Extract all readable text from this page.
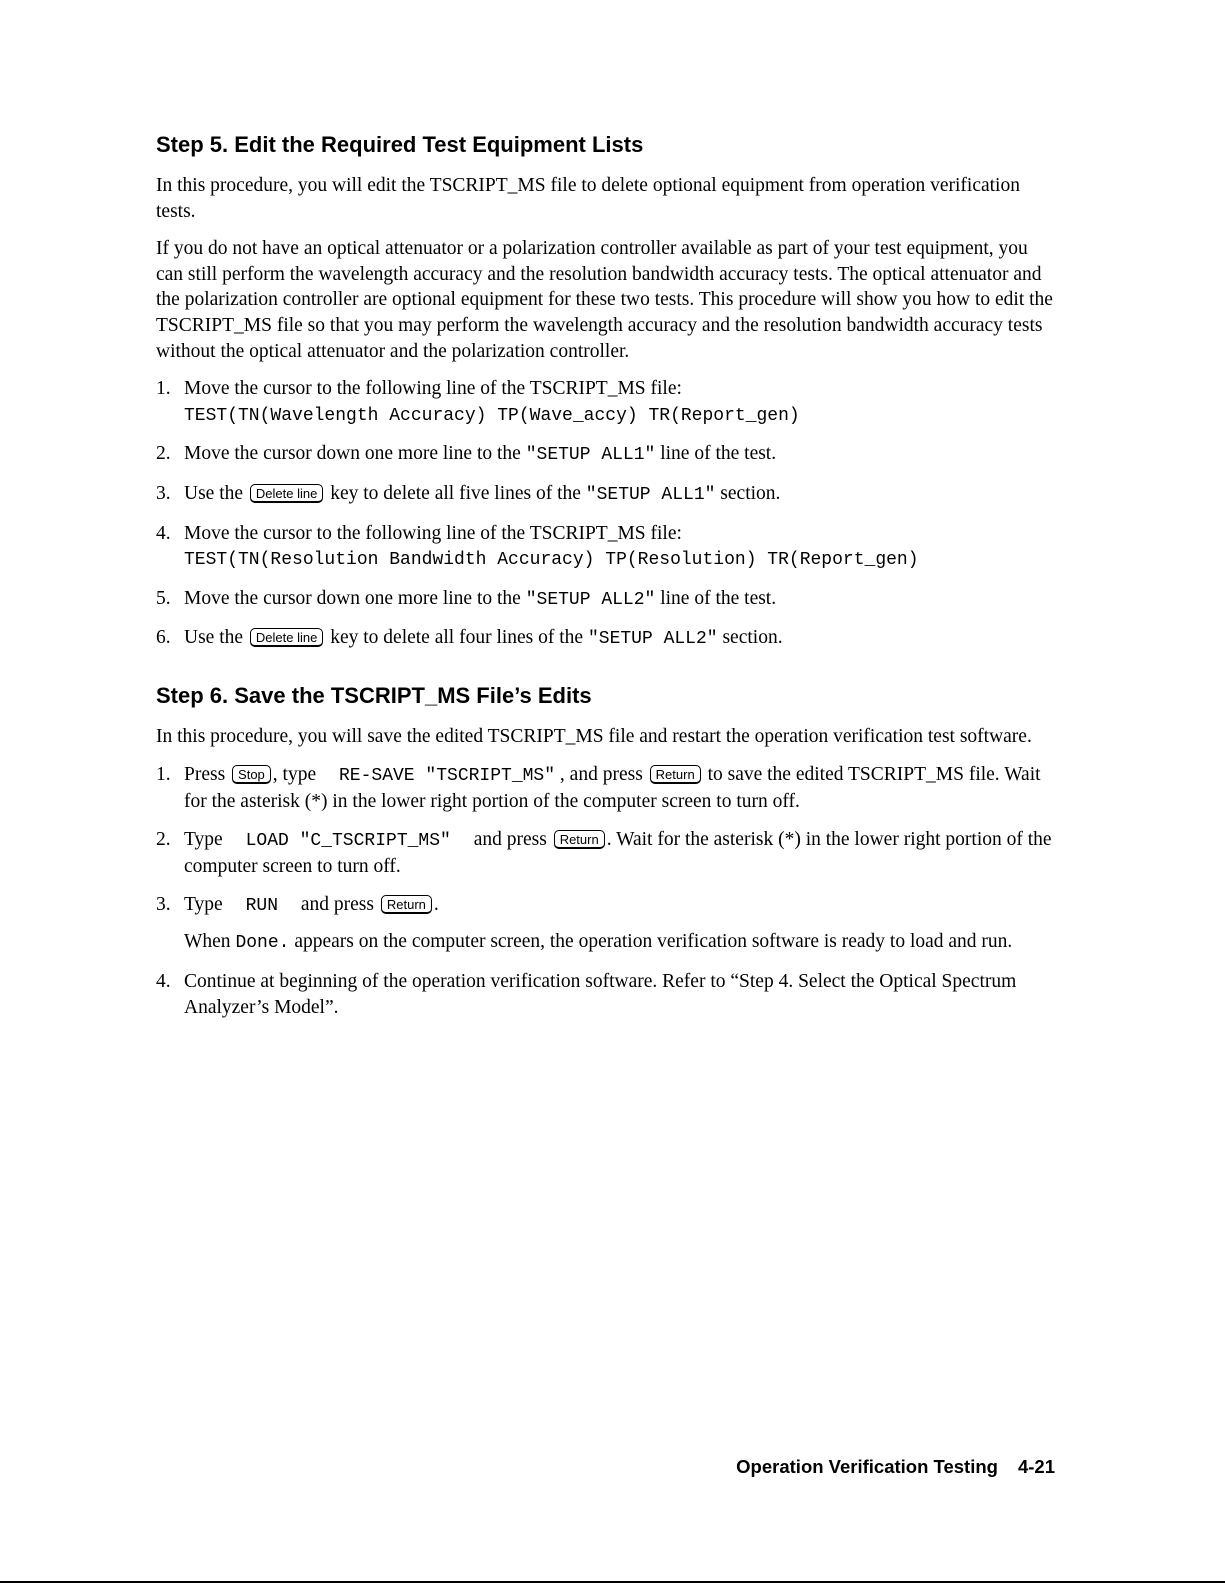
Step 5. Edit the Required Test Equipment Lists

In this procedure, you will edit the TSCRIPT_MS file to delete optional equipment from operation verification tests.

If you do not have an optical attenuator or a polarization controller available as part of your test equipment, you can still perform the wavelength accuracy and the resolution bandwidth accuracy tests. The optical attenuator and the polarization controller are optional equipment for these two tests. This procedure will show you how to edit the TSCRIPT_MS file so that you may perform the wavelength accuracy and the resolution bandwidth accuracy tests without the optical attenuator and the polarization controller.

1. Move the cursor to the following line of the TSCRIPT_MS file:
TEST(TN(Wavelength Accuracy) TP(Wave_accy) TR(Report_gen)
2. Move the cursor down one more line to the "SETUP ALL1" line of the test.
3. Use the Delete line key to delete all five lines of the "SETUP ALL1" section.
4. Move the cursor to the following line of the TSCRIPT_MS file:
TEST(TN(Resolution Bandwidth Accuracy) TP(Resolution) TR(Report_gen)
5. Move the cursor down one more line to the "SETUP ALL2" line of the test.
6. Use the Delete line key to delete all four lines of the "SETUP ALL2" section.
Step 6. Save the TSCRIPT_MS File’s Edits

In this procedure, you will save the edited TSCRIPT_MS file and restart the operation verification test software.

1. Press Stop , type RE-SAVE "TSCRIPT_MS" , and press Return to save the edited TSCRIPT_MS file. Wait for the asterisk (*) in the lower right portion of the computer screen to turn off.
2. Type LOAD "C_TSCRIPT_MS" and press Return . Wait for the asterisk (*) in the lower right portion of the computer screen to turn off.
3. Type RUN and press Return .
When Done. appears on the computer screen, the operation verification software is ready to load and run.
4. Continue at beginning of the operation verification software. Refer to “Step 4. Select the Optical Spectrum Analyzer’s Model”.
Operation Verification Testing 4-21
